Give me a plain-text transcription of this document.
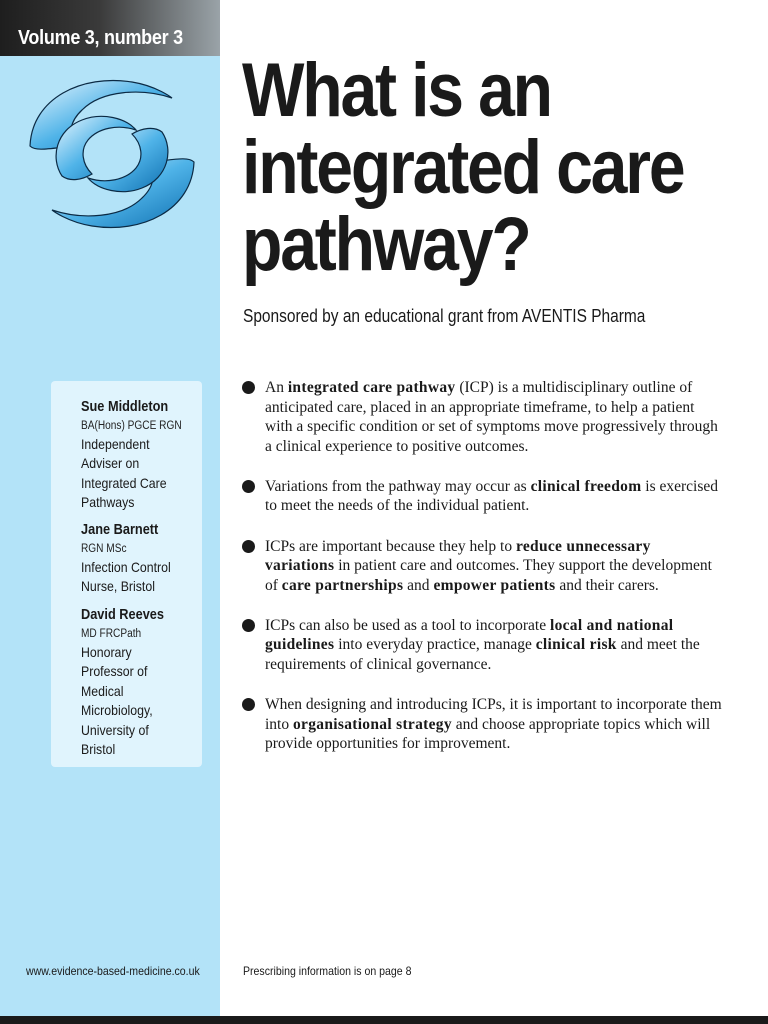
Volume 3, number 3
Sue Middleton
BA(Hons) PGCE RGN
Independent
Adviser on
Integrated Care
Pathways
Jane Barnett
RGN MSc
Infection Control
Nurse, Bristol
David Reeves
MD FRCPath
Honorary
Professor of
Medical
Microbiology,
University of
Bristol
www.evidence-based-medicine.co.uk
What is an
integrated care
pathway?
Sponsored by an educational grant from AVENTIS Pharma
An integrated care pathway (ICP) is a multidisciplinary outline of anticipated care, placed in an appropriate timeframe, to help a patient with a specific condition or set of symptoms move progressively through a clinical experience to positive outcomes.
Variations from the pathway may occur as clinical freedom is exercised to meet the needs of the individual patient.
ICPs are important because they help to reduce unnecessary variations in patient care and outcomes. They support the development of care partnerships and empower patients and their carers.
ICPs can also be used as a tool to incorporate local and national guidelines into everyday practice, manage clinical risk and meet the requirements of clinical governance.
When designing and introducing ICPs, it is important to incorporate them into organisational strategy and choose appropriate topics which will provide opportunities for improvement.
Prescribing information is on page 8
